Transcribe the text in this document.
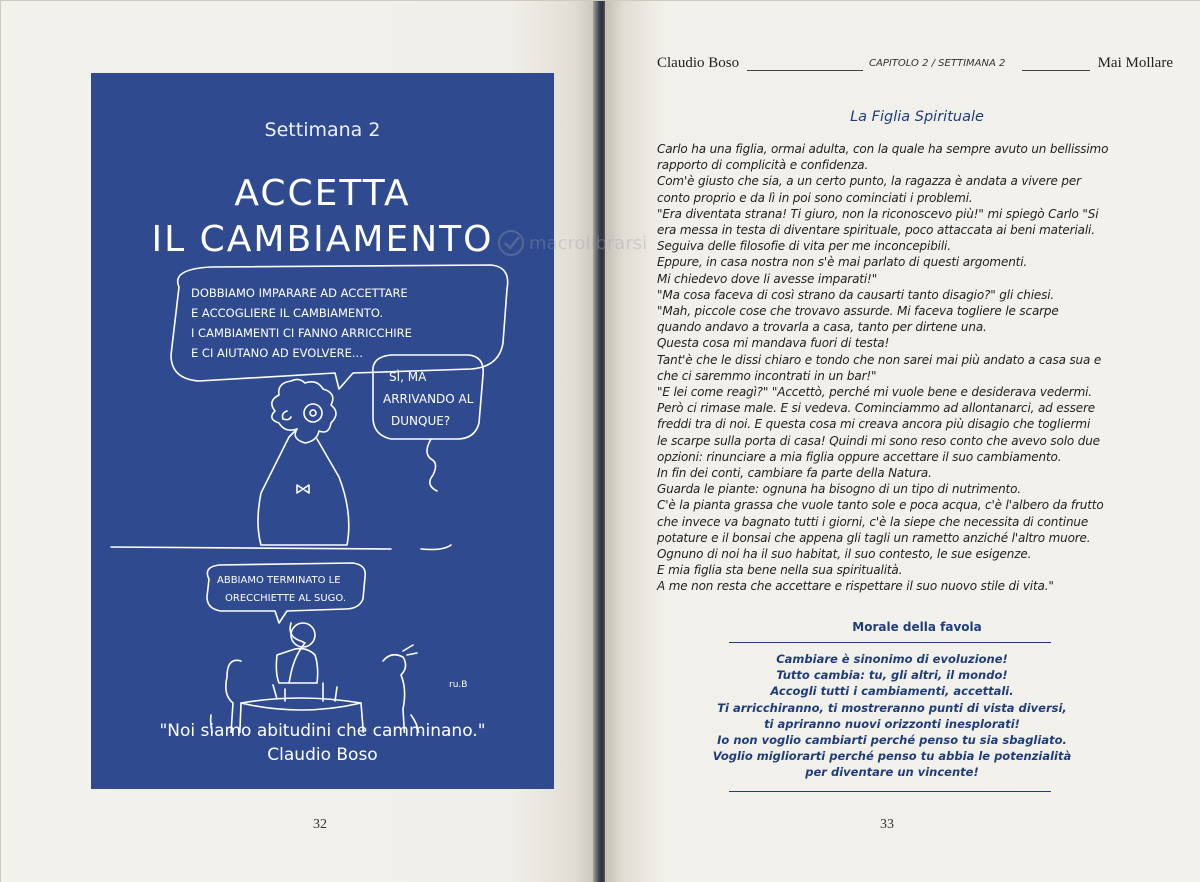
Settimana 2
ACCETTA
IL CAMBIAMENTO
DOBBIAMO IMPARARE AD ACCETTARE
E ACCOGLIERE IL CAMBIAMENTO.
I CAMBIAMENTI CI FANNO ARRICCHIRE
E CI AIUTANO AD EVOLVERE...
SÌ, MA
ARRIVANDO AL
DUNQUE?
ABBIAMO TERMINATO LE
ORECCHIETTE AL SUGO.
ru.B
"Noi siamo abitudini che camminano."
Claudio Boso
32
Claudio Boso	CAPITOLO 2 / SETTIMANA 2	Mai Mollare
La Figlia Spirituale
Carlo ha una figlia, ormai adulta, con la quale ha sempre avuto un bellissimo
rapporto di complicità e confidenza.
Com'è giusto che sia, a un certo punto, la ragazza è andata a vivere per
conto proprio e da lì in poi sono cominciati i problemi.
"Era diventata strana! Ti giuro, non la riconoscevo più!" mi spiegò Carlo "Si
era messa in testa di diventare spirituale, poco attaccata ai beni materiali.
Seguiva delle filosofie di vita per me inconcepibili.
Eppure, in casa nostra non s'è mai parlato di questi argomenti.
Mi chiedevo dove li avesse imparati!"
"Ma cosa faceva di così strano da causarti tanto disagio?" gli chiesi.
"Mah, piccole cose che trovavo assurde. Mi faceva togliere le scarpe
quando andavo a trovarla a casa, tanto per dirtene una.
Questa cosa mi mandava fuori di testa!
Tant'è che le dissi chiaro e tondo che non sarei mai più andato a casa sua e
che ci saremmo incontrati in un bar!"
"E lei come reagì?" "Accettò, perché mi vuole bene e desiderava vedermi.
Però ci rimase male. E si vedeva. Cominciammo ad allontanarci, ad essere
freddi tra di noi. E questa cosa mi creava ancora più disagio che togliermi
le scarpe sulla porta di casa! Quindi mi sono reso conto che avevo solo due
opzioni: rinunciare a mia figlia oppure accettare il suo cambiamento.
In fin dei conti, cambiare fa parte della Natura.
Guarda le piante: ognuna ha bisogno di un tipo di nutrimento.
C'è la pianta grassa che vuole tanto sole e poca acqua, c'è l'albero da frutto
che invece va bagnato tutti i giorni, c'è la siepe che necessita di continue
potature e il bonsai che appena gli tagli un rametto anziché l'altro muore.
Ognuno di noi ha il suo habitat, il suo contesto, le sue esigenze.
E mia figlia sta bene nella sua spiritualità.
A me non resta che accettare e rispettare il suo nuovo stile di vita."
Morale della favola
Cambiare è sinonimo di evoluzione!
Tutto cambia: tu, gli altri, il mondo!
Accogli tutti i cambiamenti, accettali.
Ti arricchiranno, ti mostreranno punti di vista diversi,
ti apriranno nuovi orizzonti inesplorati!
Io non voglio cambiarti perché penso tu sia sbagliato.
Voglio migliorarti perché penso tu abbia le potenzialità
per diventare un vincente!
33
macrolibrarsi
